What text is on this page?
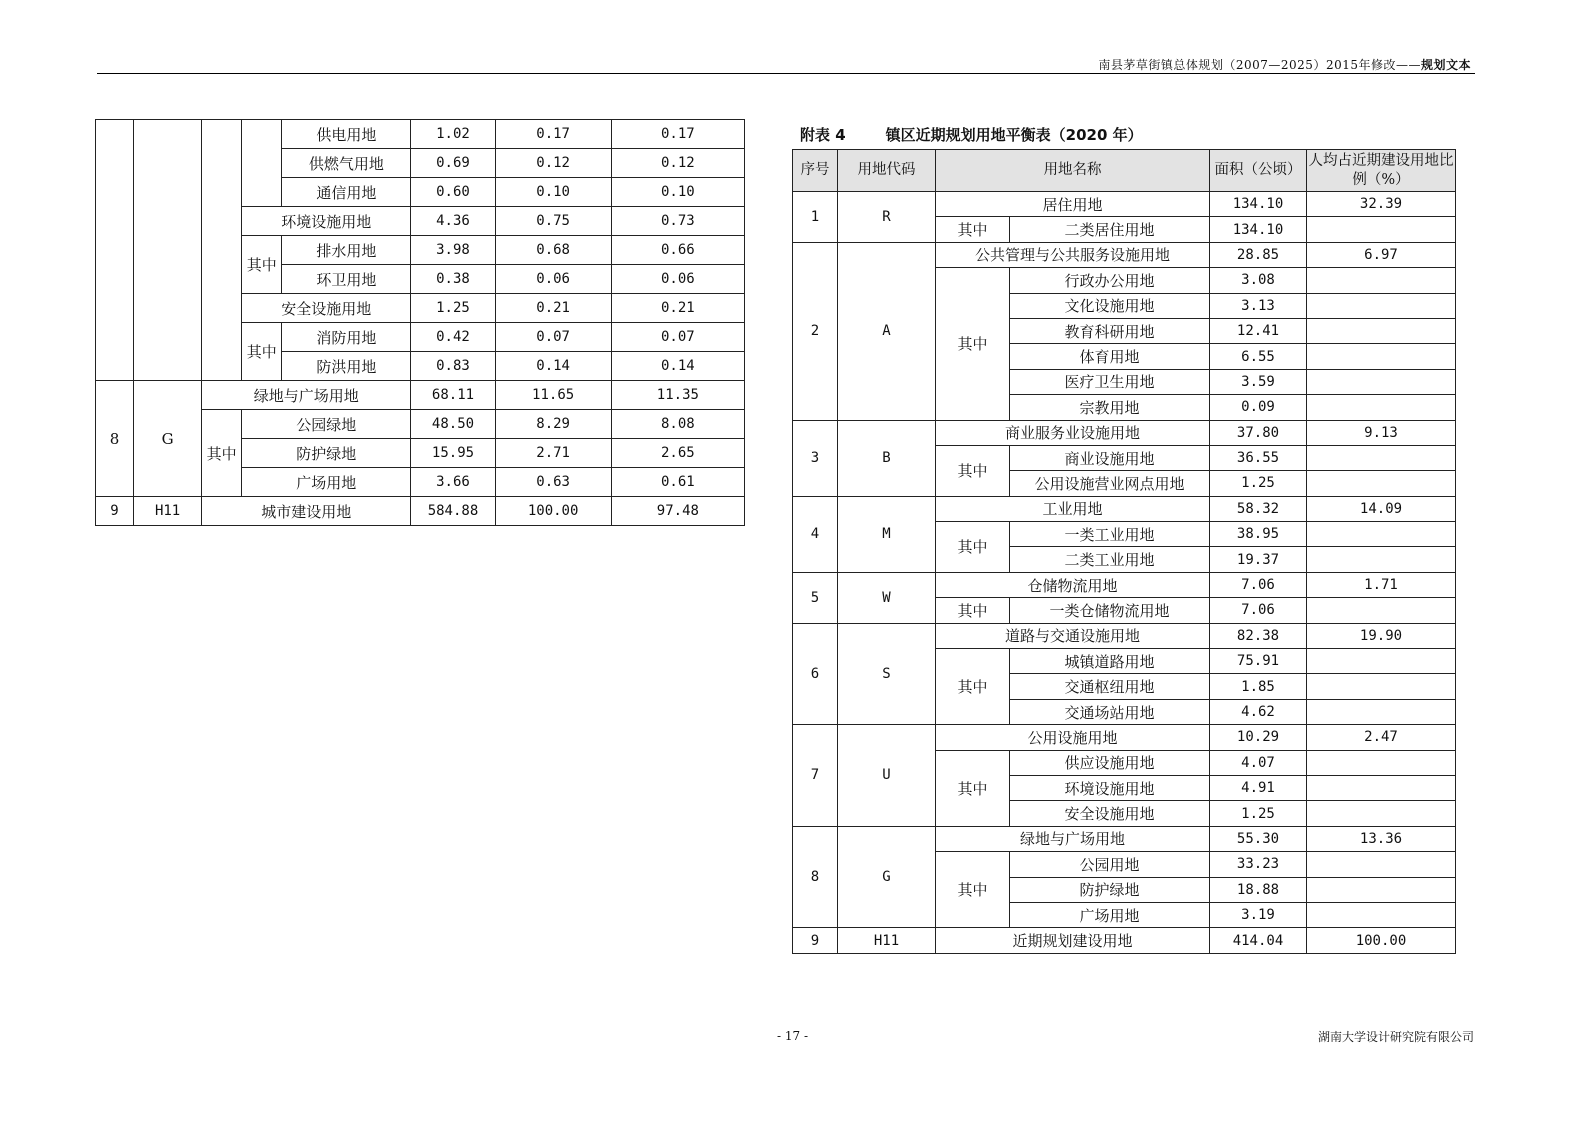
南县茅草街镇总体规划（2007—2025）2015年修改——规划文本
				供电用地	1.02	0.17	0.17
				供燃气用地	0.69	0.12	0.12
				通信用地	0.60	0.10	0.10
			环境设施用地		4.36	0.75	0.73
			其中	排水用地	3.98	0.68	0.66
				环卫用地	0.38	0.06	0.06
			安全设施用地		1.25	0.21	0.21
			其中	消防用地	0.42	0.07	0.07
				防洪用地	0.83	0.14	0.14
8	G	绿地与广场用地			68.11	11.65	11.35
		其中	公园绿地		48.50	8.29	8.08
			防护绿地		15.95	2.71	2.65
			广场用地		3.66	0.63	0.61
9	H11	城市建设用地			584.88	100.00	97.48
附表 4	镇区近期规划用地平衡表（2020 年）
序号	用地代码	用地名称		面积（公顷）	人均占近期建设用地比例（%）
1	R	居住用地		134.10	32.39
		其中	二类居住用地	134.10	
2	A	公共管理与公共服务设施用地		28.85	6.97
		其中	行政办公用地	3.08	
			文化设施用地	3.13	
			教育科研用地	12.41	
			体育用地	6.55	
			医疗卫生用地	3.59	
			宗教用地	0.09	
3	B	商业服务业设施用地		37.80	9.13
		其中	商业设施用地	36.55	
			公用设施营业网点用地	1.25	
4	M	工业用地		58.32	14.09
		其中	一类工业用地	38.95	
			二类工业用地	19.37	
5	W	仓储物流用地		7.06	1.71
		其中	一类仓储物流用地	7.06	
6	S	道路与交通设施用地		82.38	19.90
		其中	城镇道路用地	75.91	
			交通枢纽用地	1.85	
			交通场站用地	4.62	
7	U	公用设施用地		10.29	2.47
		其中	供应设施用地	4.07	
			环境设施用地	4.91	
			安全设施用地	1.25	
8	G	绿地与广场用地		55.30	13.36
		其中	公园用地	33.23	
			防护绿地	18.88	
			广场用地	3.19	
9	H11	近期规划建设用地		414.04	100.00
- 17 -	湖南大学设计研究院有限公司
